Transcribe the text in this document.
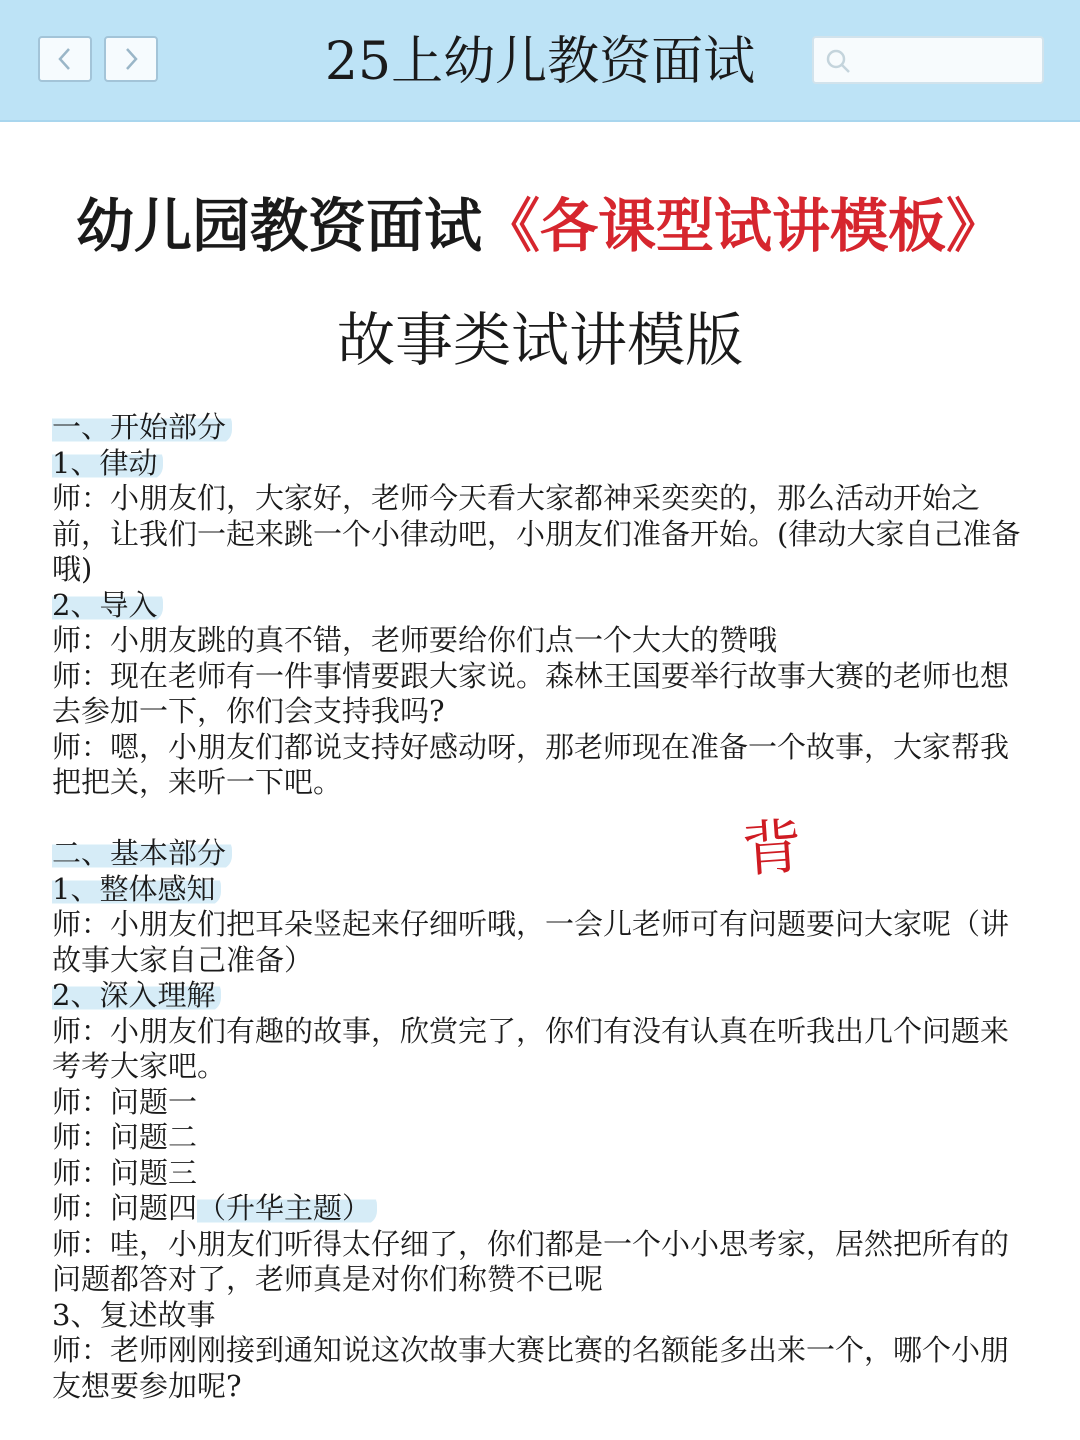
25上幼儿教资面试
幼儿园教资面试《各课型试讲模板》
故事类试讲模版
背

一、开始部分

1、律动

师：小朋友们，大家好，老师今天看大家都神采奕奕的，那么活动开始之前，让我们一起来跳一个小律动吧，小朋友们准备开始。(律动大家自己准备哦)

2、导入

师：小朋友跳的真不错，老师要给你们点一个大大的赞哦

师：现在老师有一件事情要跟大家说。森林王国要举行故事大赛的老师也想去参加一下，你们会支持我吗?

师：嗯，小朋友们都说支持好感动呀，那老师现在准备一个故事，大家帮我把把关，来听一下吧。

二、基本部分

1、整体感知

师：小朋友们把耳朵竖起来仔细听哦，一会儿老师可有问题要问大家呢（讲故事大家自己准备）

2、深入理解

师：小朋友们有趣的故事，欣赏完了，你们有没有认真在听我出几个问题来考考大家吧。

师：问题一

师：问题二

师：问题三

师：问题四（升华主题）

师：哇，小朋友们听得太仔细了，你们都是一个小小思考家，居然把所有的问题都答对了，老师真是对你们称赞不已呢

3、复述故事

师：老师刚刚接到通知说这次故事大赛比赛的名额能多出来一个，哪个小朋友想要参加呢?
